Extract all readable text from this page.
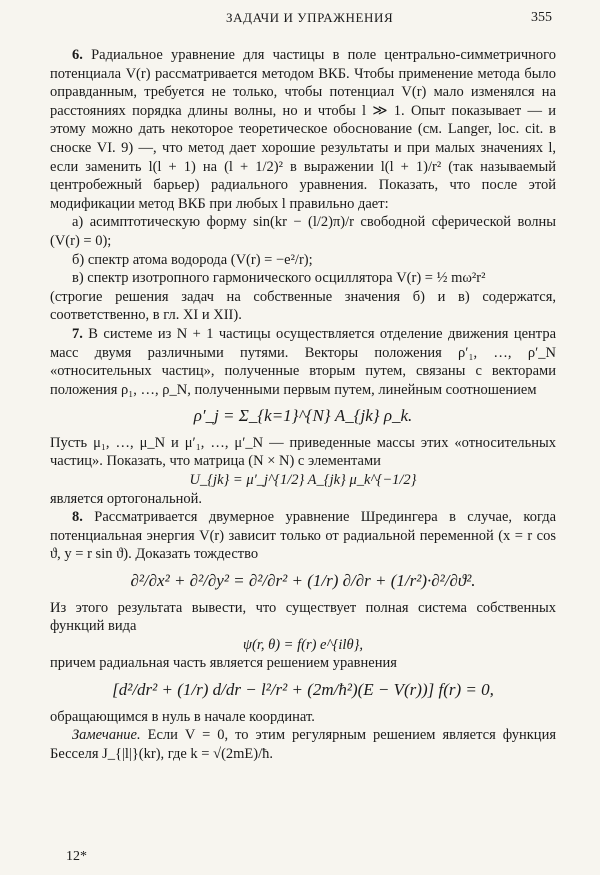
ЗАДАЧИ И УПРАЖНЕНИЯ	355

6. Радиальное уравнение для частицы в поле центрально-симметричного потенциала V(r) рассматривается методом ВКБ. Чтобы применение метода было оправданным, требуется не только, чтобы потенциал V(r) мало изменялся на расстояниях порядка длины волны, но и чтобы l ≫ 1. Опыт показывает — и этому можно дать некоторое теоретическое обоснование (см. Langer, loc. cit. в сноске VI. 9) —, что метод дает хорошие результаты и при малых значениях l, если заменить l(l + 1) на (l + 1/2)² в выражении l(l + 1)/r² (так называемый центробежный барьер) радиального уравнения. Показать, что после этой модификации метод ВКБ при любых l правильно дает:

а) асимптотическую форму sin(kr − (l/2)π)/r свободной сферической волны (V(r) = 0);

б) спектр атома водорода (V(r) = −e²/r);

в) спектр изотропного гармонического осциллятора V(r) = ½ mω²r²

(строгие решения задач на собственные значения б) и в) содержатся, соответственно, в гл. XI и XII).

7. В системе из N + 1 частицы осуществляется отделение движения центра масс двумя различными путями. Векторы положения ρ′₁, …, ρ′_N «относительных частиц», полученные вторым путем, связаны с векторами положения ρ₁, …, ρ_N, полученными первым путем, линейным соотношением

ρ′_j = Σ_{k=1}^{N} A_{jk} ρ_k.

Пусть μ₁, …, μ_N и μ′₁, …, μ′_N — приведенные массы этих «относительных частиц». Показать, что матрица (N × N) с элементами

U_{jk} = μ′_j^{1/2} A_{jk} μ_k^{−1/2}

является ортогональной.

8. Рассматривается двумерное уравнение Шредингера в случае, когда потенциальная энергия V(r) зависит только от радиальной переменной (x = r cos ϑ, y = r sin ϑ). Доказать тождество

∂²/∂x² + ∂²/∂y² = ∂²/∂r² + (1/r) ∂/∂r + (1/r²)·∂²/∂ϑ².

Из этого результата вывести, что существует полная система собственных функций вида

ψ(r, θ) = f(r) e^{ilθ},

причем радиальная часть является решением уравнения

[d²/dr² + (1/r) d/dr − l²/r² + (2m/ħ²)(E − V(r))] f(r) = 0,

обращающимся в нуль в начале координат.

Замечание. Если V = 0, то этим регулярным решением является функция Бесселя J_{|l|}(kr), где k = √(2mE)/ħ.

12*
